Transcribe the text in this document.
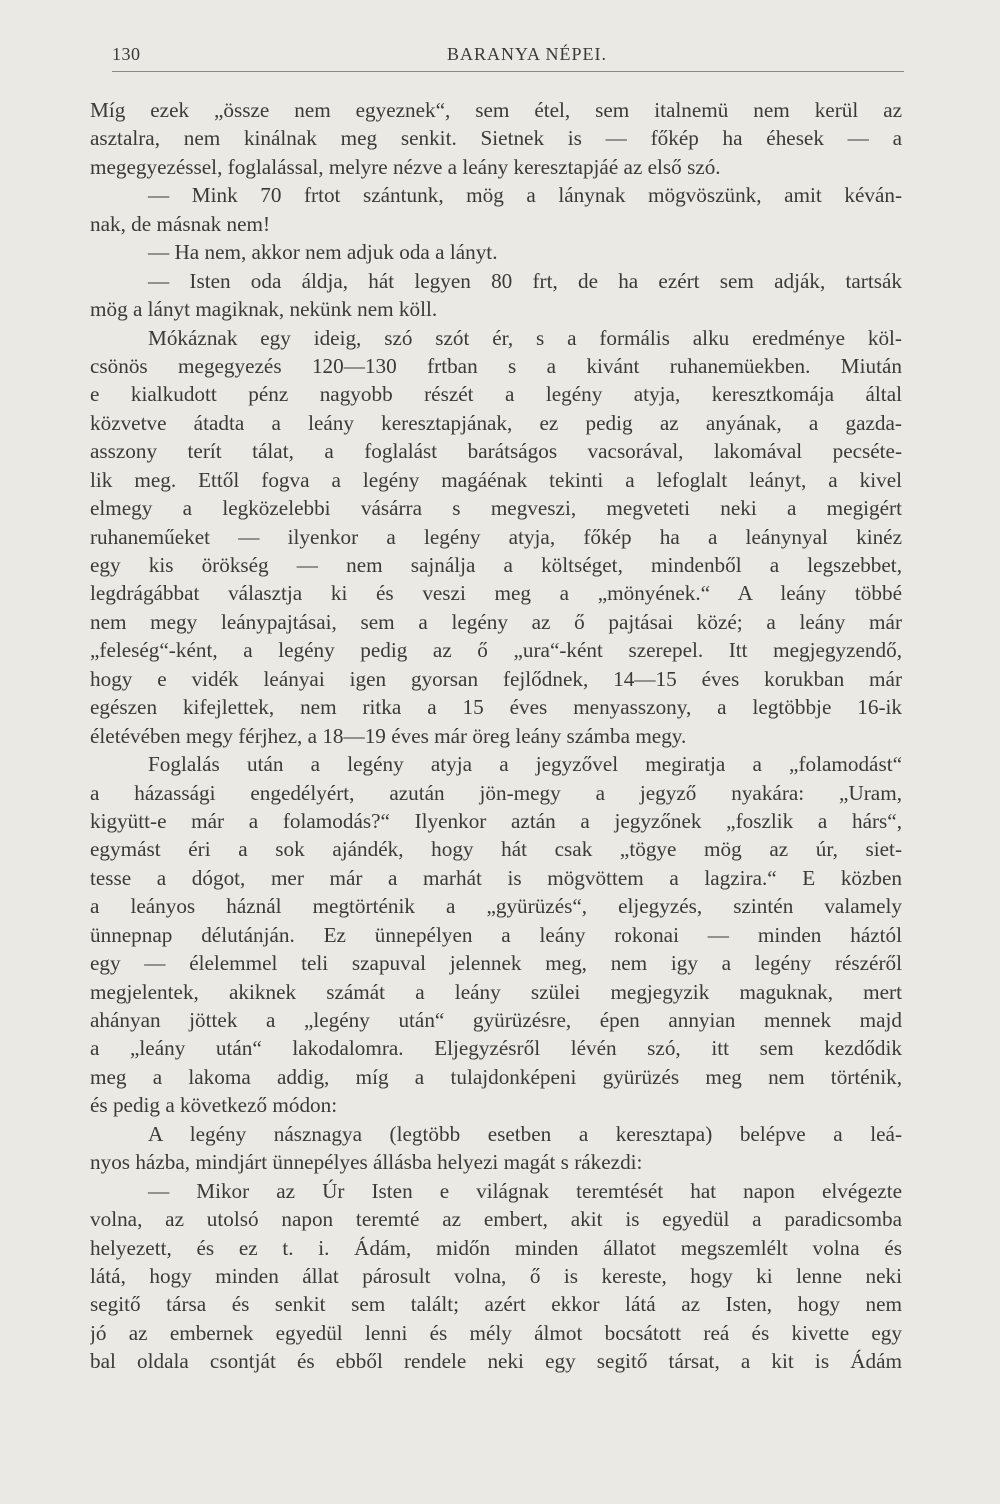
130	BARANYA NÉPEI.
Míg ezek „össze nem egyeznek“, sem étel, sem italnemü nem kerül az
asztalra, nem kinálnak meg senkit. Sietnek is — főkép ha éhesek — a
megegyezéssel, foglalással, melyre nézve a leány keresztapjáé az első szó.
— Mink 70 frtot szántunk, mög a lánynak mögvöszünk, amit kéván-
nak, de másnak nem!
— Ha nem, akkor nem adjuk oda a lányt.
— Isten oda áldja, hát legyen 80 frt, de ha ezért sem adják, tartsák
mög a lányt magiknak, nekünk nem köll.
Mókáznak egy ideig, szó szót ér, s a formális alku eredménye köl-
csönös megegyezés 120—130 frtban s a kivánt ruhanemüekben. Miután
e kialkudott pénz nagyobb részét a legény atyja, keresztkomája által
közvetve átadta a leány keresztapjának, ez pedig az anyának, a gazda-
asszony terít tálat, a foglalást barátságos vacsorával, lakomával pecséte-
lik meg. Ettől fogva a legény magáénak tekinti a lefoglalt leányt, a kivel
elmegy a legközelebbi vásárra s megveszi, megveteti neki a megigért
ruhaneműeket — ilyenkor a legény atyja, főkép ha a leánynyal kinéz
egy kis örökség — nem sajnálja a költséget, mindenből a legszebbet,
legdrágábbat választja ki és veszi meg a „mönyének.“ A leány többé
nem megy leánypajtásai, sem a legény az ő pajtásai közé; a leány már
„feleség“-ként, a legény pedig az ő „ura“-ként szerepel. Itt megjegyzendő,
hogy e vidék leányai igen gyorsan fejlődnek, 14—15 éves korukban már
egészen kifejlettek, nem ritka a 15 éves menyasszony, a legtöbbje 16-ik
életévében megy férjhez, a 18—19 éves már öreg leány számba megy.
Foglalás után a legény atyja a jegyzővel megiratja a „folamodást“
a házassági engedélyért, azután jön-megy a jegyző nyakára: „Uram,
kigyütt-e már a folamodás?“ Ilyenkor aztán a jegyzőnek „foszlik a hárs“,
egymást éri a sok ajándék, hogy hát csak „tögye mög az úr, siet-
tesse a dógot, mer már a marhát is mögvöttem a lagzira.“ E közben
a leányos háznál megtörténik a „gyürüzés“, eljegyzés, szintén valamely
ünnepnap délutánján. Ez ünnepélyen a leány rokonai — minden háztól
egy — élelemmel teli szapuval jelennek meg, nem igy a legény részéről
megjelentek, akiknek számát a leány szülei megjegyzik maguknak, mert
ahányan jöttek a „legény után“ gyürüzésre, épen annyian mennek majd
a „leány után“ lakodalomra. Eljegyzésről lévén szó, itt sem kezdődik
meg a lakoma addig, míg a tulajdonképeni gyürüzés meg nem történik,
és pedig a következő módon:
A legény násznagya (legtöbb esetben a keresztapa) belépve a leá-
nyos házba, mindjárt ünnepélyes állásba helyezi magát s rákezdi:
— Mikor az Úr Isten e világnak teremtését hat napon elvégezte
volna, az utolsó napon teremté az embert, akit is egyedül a paradicsomba
helyezett, és ez t. i. Ádám, midőn minden állatot megszemlélt volna és
látá, hogy minden állat párosult volna, ő is kereste, hogy ki lenne neki
segitő társa és senkit sem talált; azért ekkor látá az Isten, hogy nem
jó az embernek egyedül lenni és mély álmot bocsátott reá és kivette egy
bal oldala csontját és ebből rendele neki egy segitő társat, a kit is Ádám
